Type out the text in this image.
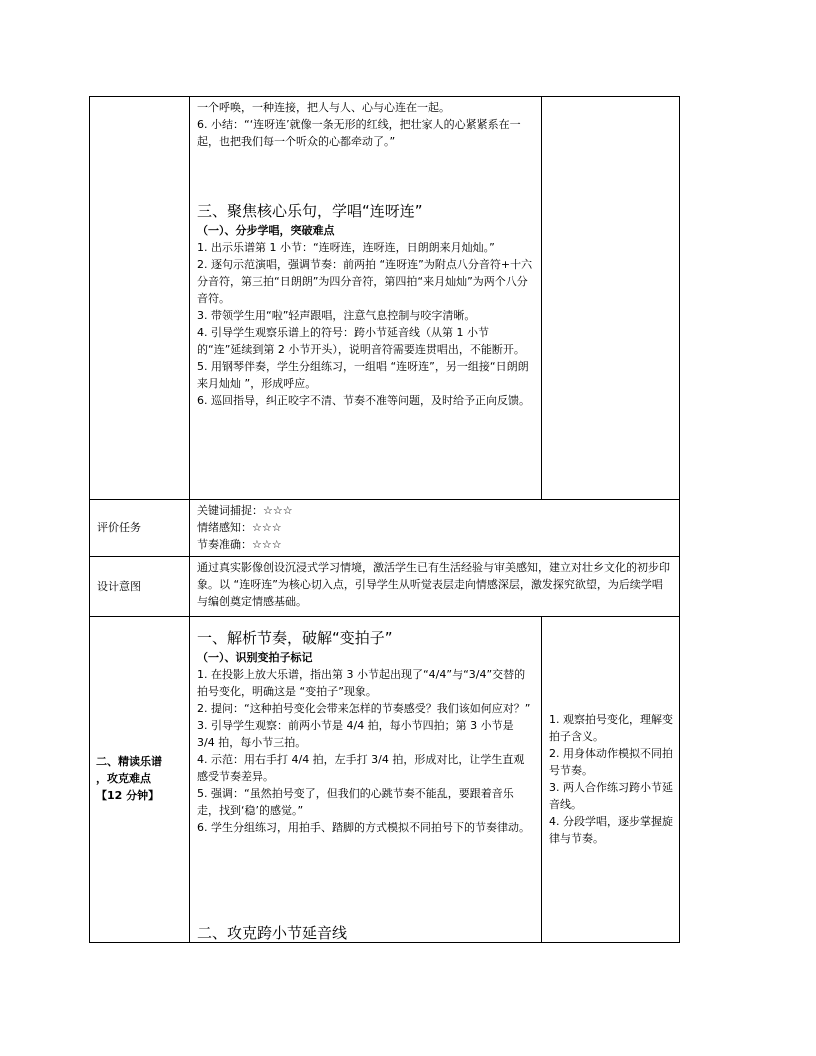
一个呼唤，一种连接，把人与人、心与心连在一起。

6. 小结：“‘连呀连’就像一条无形的红线，把壮家人的心紧紧系在一起，也把我们每一个听众的心都牵动了。”

三、聚焦核心乐句，学唱“连呀连”

（一）、分步学唱，突破难点

1. 出示乐谱第 1 小节：“连呀连，连呀连，日朗朗来月灿灿。”

2. 逐句示范演唱，强调节奏：前两拍 “连呀连”为附点八分音符+十六分音符，第三拍“日朗朗”为四分音符，第四拍“来月灿灿”为两个八分音符。

3. 带领学生用“啦”轻声跟唱，注意气息控制与咬字清晰。

4. 引导学生观察乐谱上的符号：跨小节延音线（从第 1 小节的“连”延续到第 2 小节开头），说明音符需要连贯唱出，不能断开。

5. 用钢琴伴奏，学生分组练习，一组唱 “连呀连”，另一组接“日朗朗来月灿灿 ”，形成呼应。

6. 巡回指导，纠正咬字不清、节奏不准等问题，及时给予正向反馈。

评价任务

关键词捕捉：☆☆☆

情绪感知：☆☆☆

节奏准确：☆☆☆

设计意图
通过真实影像创设沉浸式学习情境，激活学生已有生活经验与审美感知，建立对壮乡文化的初步印象。以 “连呀连”为核心切入点，引导学生从听觉表层走向情感深层，激发探究欲望，为后续学唱与编创奠定情感基础。
二、精读乐谱
，攻克难点
【12 分钟】

一、解析节奏，破解“变拍子”

（一）、识别变拍子标记

1. 在投影上放大乐谱，指出第 3 小节起出现了“4/4”与“3/4”交替的拍号变化，明确这是 “变拍子”现象。

2. 提问：“这种拍号变化会带来怎样的节奏感受？我们该如何应对？”

3. 引导学生观察：前两小节是 4/4 拍，每小节四拍；第 3 小节是 3/4 拍，每小节三拍。

4. 示范：用右手打 4/4 拍，左手打 3/4 拍，形成对比，让学生直观感受节奏差异。

5. 强调：“虽然拍号变了，但我们的心跳节奏不能乱，要跟着音乐走，找到‘稳’的感觉。”

6. 学生分组练习，用拍手、踏脚的方式模拟不同拍号下的节奏律动。

二、攻克跨小节延音线

1. 观察拍号变化，理解变拍子含义。

2. 用身体动作模拟不同拍号节奏。

3. 两人合作练习跨小节延音线。

4. 分段学唱，逐步掌握旋律与节奏。
